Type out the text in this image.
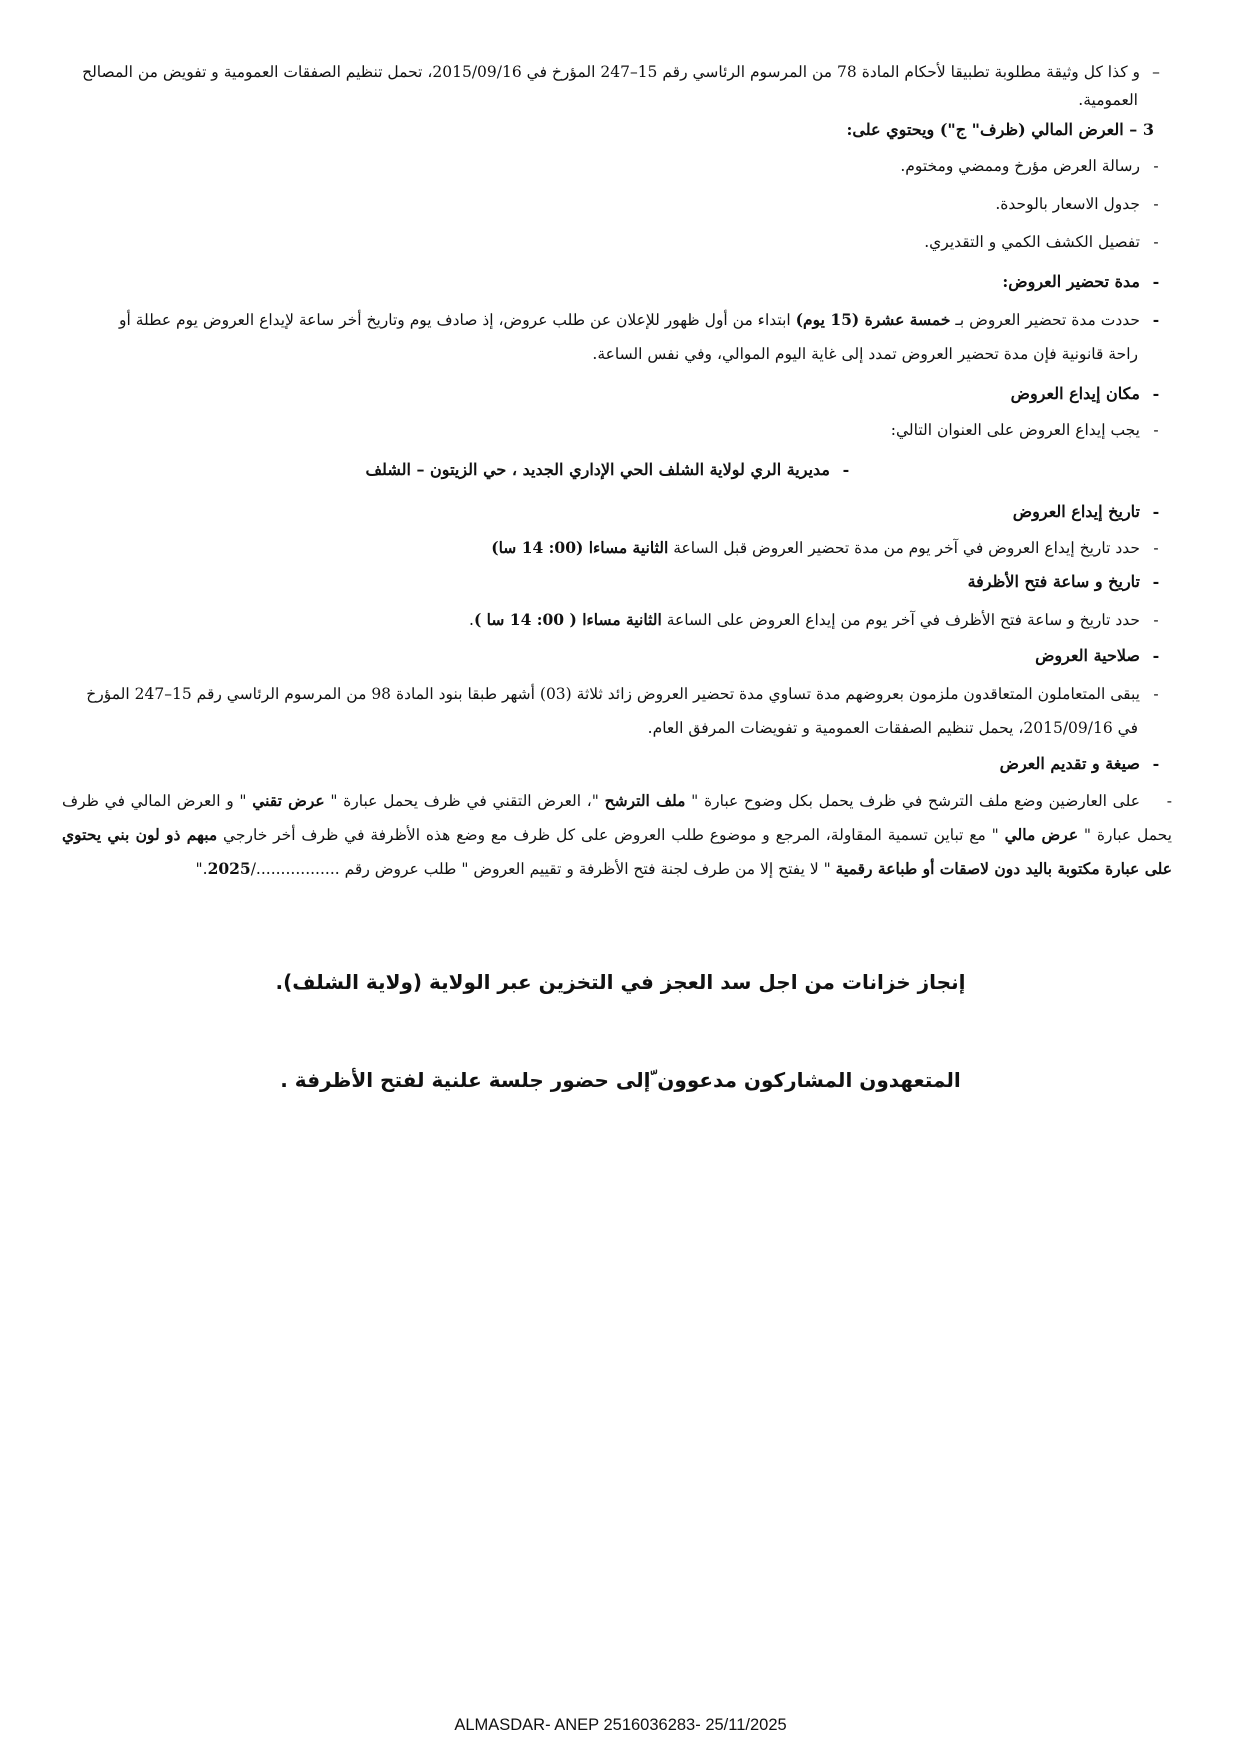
–و كذا كل وثيقة مطلوبة تطبيقا لأحكام المادة 78 من المرسوم الرئاسي رقم 15–247 المؤرخ في 2015/09/16، تحمل تنظيم الصفقات العمومية و تفويض من المصالح
العمومية.
3 – العرض المالي (ظرف" ج") ويحتوي على:
-رسالة العرض مؤرخ وممضي ومختوم.
-جدول الاسعار بالوحدة.
-تفصيل الكشف الكمي و التقديري.
-مدة تحضير العروض:
-حددت مدة تحضير العروض بـ خمسة عشرة (15 يوم) ابتداء من أول ظهور للإعلان عن طلب عروض، إذ صادف يوم وتاريخ أخر ساعة لإيداع العروض يوم عطلة أو
راحة قانونية فإن مدة تحضير العروض تمدد إلى غاية اليوم الموالي، وفي نفس الساعة.
-مكان إيداع العروض
-يجب إيداع العروض على العنوان التالي:
-مديرية الري لولاية الشلف الحي الإداري الجديد ، حي الزيتون – الشلف
-تاريخ إيداع العروض
-حدد تاريخ إيداع العروض في آخر يوم من مدة تحضير العروض قبل الساعة الثانية مساءا (00: 14 سا)
-تاريخ و ساعة فتح الأظرفة
-حدد تاريخ و ساعة فتح الأظرف في آخر يوم من إيداع العروض على الساعة الثانية مساءا ( 00: 14 سا ).
-صلاحية العروض
-يبقى المتعاملون المتعاقدون ملزمون بعروضهم مدة تساوي مدة تحضير العروض زائد ثلاثة (03) أشهر طبقا بنود المادة 98 من المرسوم الرئاسي رقم 15–247 المؤرخ
في 2015/09/16، يحمل تنظيم الصفقات العمومية و تفويضات المرفق العام.
-صيغة و تقديم العرض
-على العارضين وضع ملف الترشح في ظرف يحمل بكل وضوح عبارة " ملف الترشح "، العرض التقني في ظرف يحمل عبارة " عرض تقني " و العرض المالي في ظرف يحمل عبارة " عرض مالي " مع تباين تسمية المقاولة، المرجع و موضوع طلب العروض على كل ظرف مع وضع هذه الأظرفة في ظرف أخر خارجي مبهم ذو لون بني يحتوي على عبارة مكتوبة باليد دون لاصقات أو طباعة رقمية " لا يفتح إلا من طرف لجنة فتح الأظرفة و تقييم العروض " طلب عروض رقم ................./2025."
إنجاز خزانات من اجل سد العجز في التخزين عبر الولاية (ولاية الشلف).
المتعهدون المشاركون مدعوون ّإلى حضور جلسة علنية لفتح الأظرفة .
ALMASDAR- ANEP 2516036283- 25/11/2025
